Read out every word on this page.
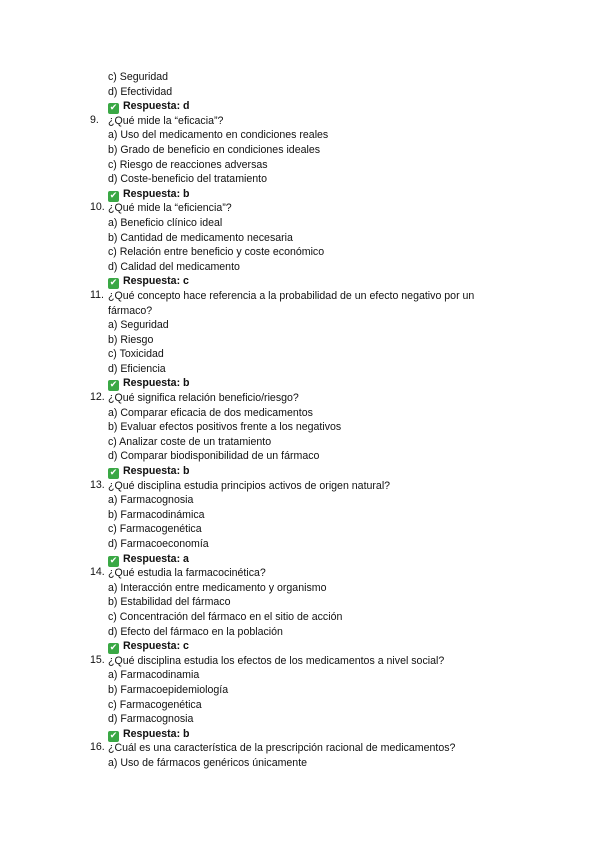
c) Seguridad
d) Efectividad
✔ Respuesta: d
9. ¿Qué mide la “eficacia”?
a) Uso del medicamento en condiciones reales
b) Grado de beneficio en condiciones ideales
c) Riesgo de reacciones adversas
d) Coste-beneficio del tratamiento
✔ Respuesta: b
10. ¿Qué mide la “eficiencia”?
a) Beneficio clínico ideal
b) Cantidad de medicamento necesaria
c) Relación entre beneficio y coste económico
d) Calidad del medicamento
✔ Respuesta: c
11. ¿Qué concepto hace referencia a la probabilidad de un efecto negativo por un fármaco?
a) Seguridad
b) Riesgo
c) Toxicidad
d) Eficiencia
✔ Respuesta: b
12. ¿Qué significa relación beneficio/riesgo?
a) Comparar eficacia de dos medicamentos
b) Evaluar efectos positivos frente a los negativos
c) Analizar coste de un tratamiento
d) Comparar biodisponibilidad de un fármaco
✔ Respuesta: b
13. ¿Qué disciplina estudia principios activos de origen natural?
a) Farmacognosia
b) Farmacodinámica
c) Farmacogenética
d) Farmacoeconomía
✔ Respuesta: a
14. ¿Qué estudia la farmacocinética?
a) Interacción entre medicamento y organismo
b) Estabilidad del fármaco
c) Concentración del fármaco en el sitio de acción
d) Efecto del fármaco en la población
✔ Respuesta: c
15. ¿Qué disciplina estudia los efectos de los medicamentos a nivel social?
a) Farmacodinamia
b) Farmacoepidemiología
c) Farmacogenética
d) Farmacognosia
✔ Respuesta: b
16. ¿Cuál es una característica de la prescripción racional de medicamentos?
a) Uso de fármacos genéricos únicamente
